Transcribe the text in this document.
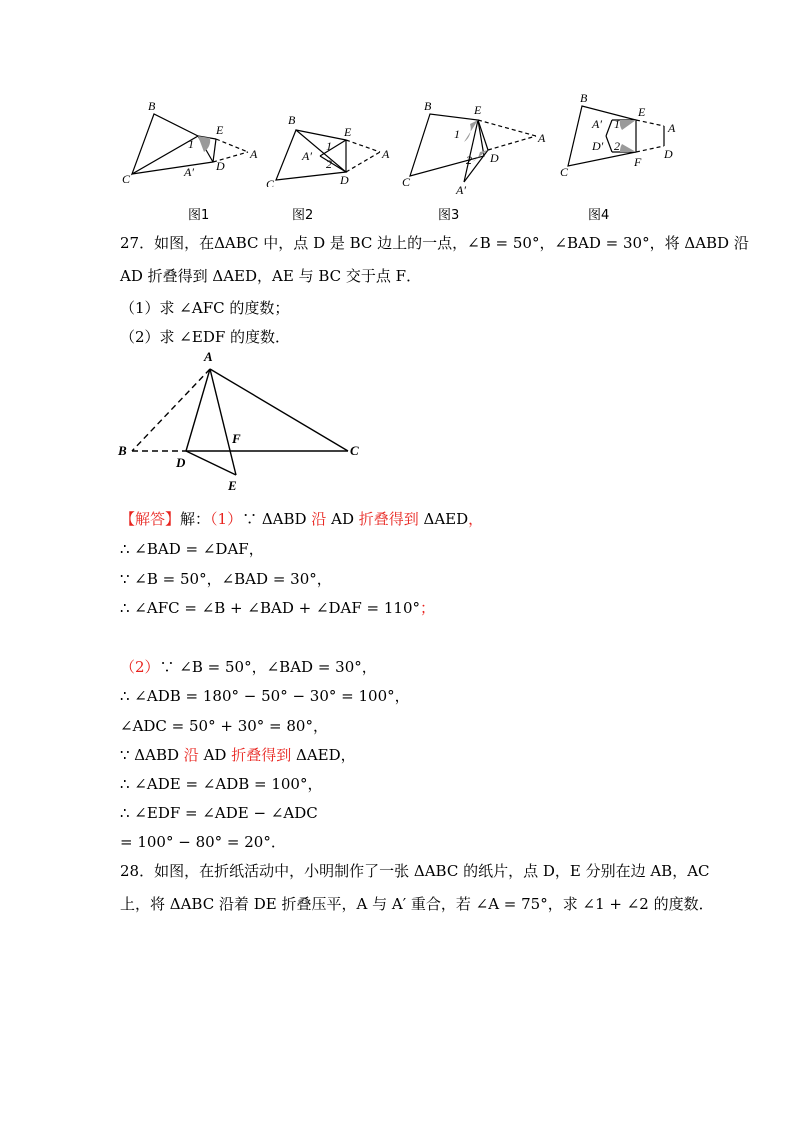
B
C
E
D
A
A′
1
B
C
E
D
A
A′
1
2
B
C
E
D
A
A′
1
2
B
C
E
D
A
A′
D′
F
1
2
图1	图2	图3	图4
27．如图，在ΔABC 中，点 D 是 BC 边上的一点，∠B = 50°，∠BAD = 30°，将 ΔABD 沿
AD 折叠得到 ΔAED，AE 与 BC 交于点 F．
（1）求 ∠AFC 的度数；
（2）求 ∠EDF 的度数．
A
B	C
D
E
F
【解答】解：（1）∵ ΔABD 沿 AD 折叠得到 ΔAED，
∴ ∠BAD = ∠DAF，
∵ ∠B = 50°，∠BAD = 30°，
∴ ∠AFC = ∠B + ∠BAD + ∠DAF = 110°；
（2）∵ ∠B = 50°，∠BAD = 30°，
∴ ∠ADB = 180° − 50° − 30° = 100°，
∠ADC = 50° + 30° = 80°，
∵ ΔABD 沿 AD 折叠得到 ΔAED，
∴ ∠ADE = ∠ADB = 100°，
∴ ∠EDF = ∠ADE − ∠ADC
= 100° − 80° = 20°．
28．如图，在折纸活动中，小明制作了一张 ΔABC 的纸片，点 D，E 分别在边 AB，AC
上，将 ΔABC 沿着 DE 折叠压平，A 与 A′ 重合，若 ∠A = 75°，求 ∠1 + ∠2 的度数．
